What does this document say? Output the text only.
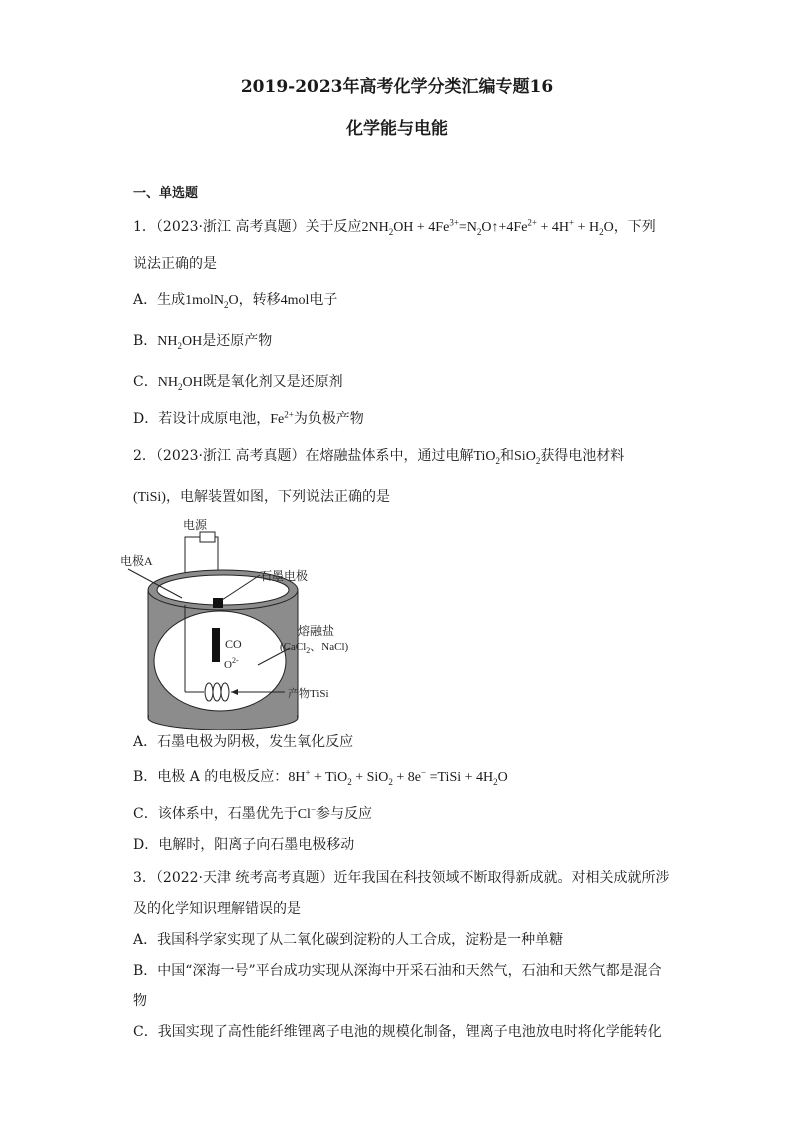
2019-2023年高考化学分类汇编专题16
化学能与电能
一、单选题
1．（2023·浙江 高考真题）关于反应$2NH_2OH$ + $4Fe^{3+}=N_2O↑+4Fe^{2+} + 4H^+ + H_2O$，下列
说法正确的是
A．生成1molN$_2$O，转移4mol电子
B．$NH_2OH$是还原产物
C．$NH_2OH$既是氧化剂又是还原剂
D．若设计成原电池，$Fe^{2+}$为负极产物
2．（2023·浙江 高考真题）在熔融盐体系中，通过电解TiO$_2$和SiO$_2$获得电池材料
(TiSi)，电解装置如图，下列说法正确的是
电源
电极A
石墨电极
熔融盐
(CaCl$_2$、NaCl)
CO
$O^{2-}$
产物TiSi
A．石墨电极为阴极，发生氧化反应
B．电极 A 的电极反应：8H+ + TiO$_2$ + SiO$_2$ + 8e− =TiSi + $4H_2O$
C．该体系中，石墨优先于Cl−参与反应
D．电解时，阳离子向石墨电极移动
3．（2022·天津 统考高考真题）近年我国在科技领域不断取得新成就。对相关成就所涉
及的化学知识理解错误的是
A．我国科学家实现了从二氧化碳到淀粉的人工合成，淀粉是一种单糖
B．中国“深海一号”平台成功实现从深海中开采石油和天然气，石油和天然气都是混合
物
C．我国实现了高性能纤维锂离子电池的规模化制备，锂离子电池放电时将化学能转化
